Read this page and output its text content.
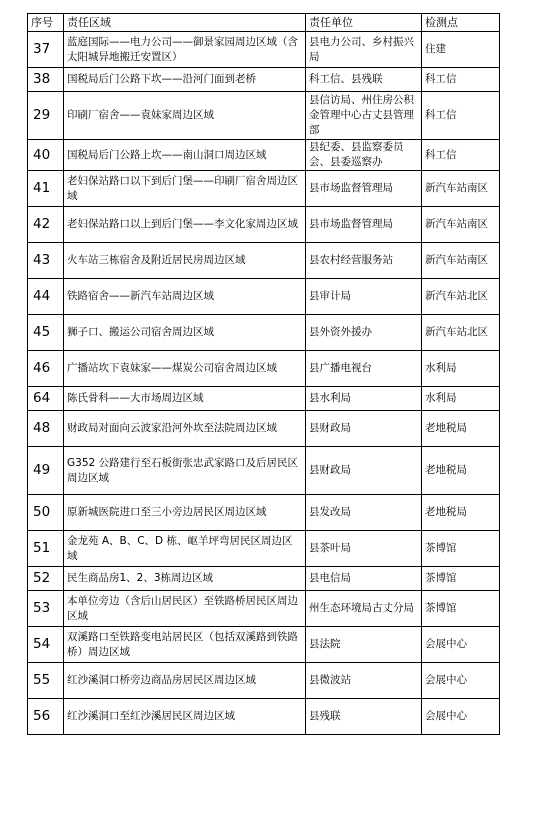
序号	责任区域	责任单位	检测点
37	蓝庭国际——电力公司——御景家园周边区域（含太阳城异地搬迁安置区）	县电力公司、乡村振兴局	住建
38	国税局后门公路下坎——沿河门面到老桥	科工信、县残联	科工信
29	印刷厂宿舍——袁妹家周边区域	县信访局、州住房公积金管理中心古丈县管理部	科工信
40	国税局后门公路上坎——南山洞口周边区域	县纪委、县监察委员会、县委巡察办	科工信
41	老妇保站路口以下到后门堡——印刷厂宿舍周边区域	县市场监督管理局	新汽车站南区
42	老妇保站路口以上到后门堡——李文化家周边区域	县市场监督管理局	新汽车站南区
43	火车站三栋宿舍及附近居民房周边区域	县农村经营服务站	新汽车站南区
44	铁路宿舍——新汽车站周边区域	县审计局	新汽车站北区
45	狮子口、搬运公司宿舍周边区域	县外资外援办	新汽车站北区
46	广播站坎下袁妹家——煤炭公司宿舍周边区域	县广播电视台	水利局
64	陈氏骨科——大市场周边区域	县水利局	水利局
48	财政局对面向云波家沿河外坎至法院周边区域	县财政局	老地税局
49	G352 公路建行至石板街张忠武家路口及后居民区周边区域	县财政局	老地税局
50	原新城医院进口至三小旁边居民区周边区域	县发改局	老地税局
51	金龙苑 A、B、C、D 栋、岖羊坪弯居民区周边区域	县茶叶局	茶博馆
52	民生商品房1、2、3栋周边区域	县电信局	茶博馆
53	本单位旁边（含后山居民区）至铁路桥居民区周边区域	州生态环境局古丈分局	茶博馆
54	双溪路口至铁路变电站居民区（包括双溪路到铁路桥）周边区域	县法院	会展中心
55	红沙溪洞口桥旁边商品房居民区周边区域	县微波站	会展中心
56	红沙溪洞口至红沙溪居民区周边区域	县残联	会展中心
